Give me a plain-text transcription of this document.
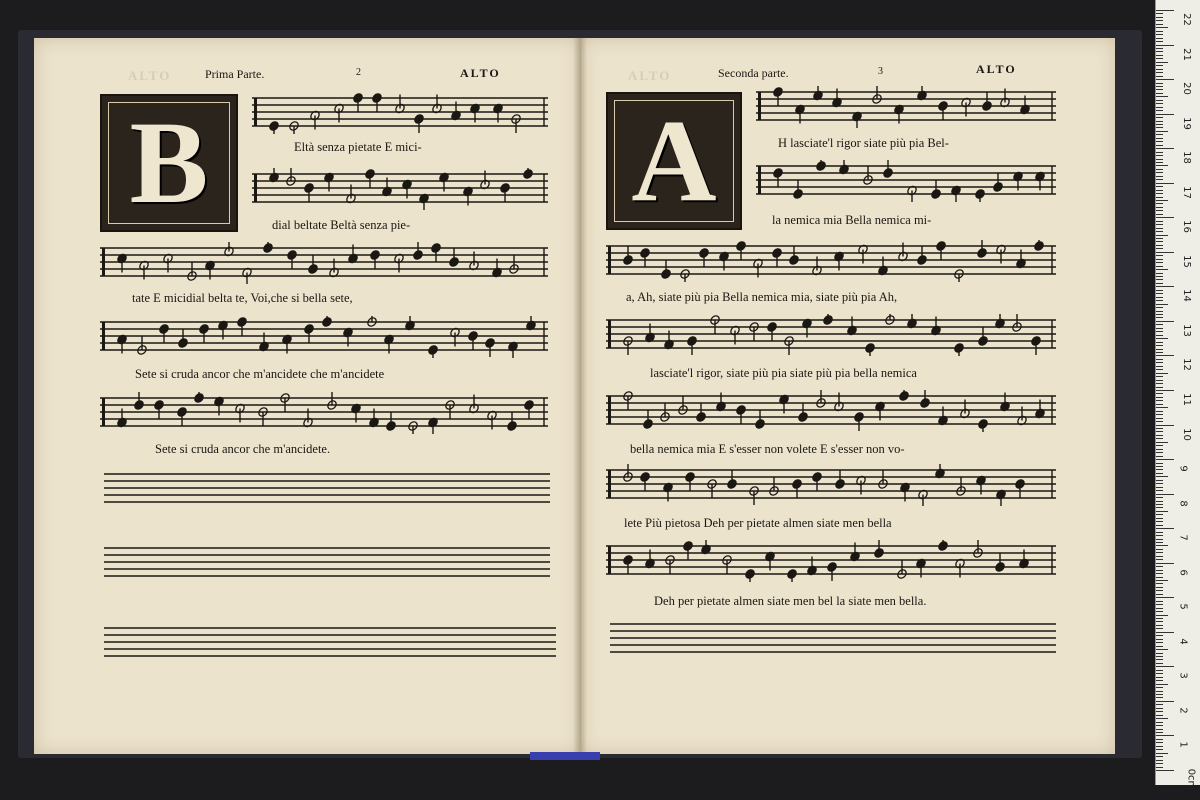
ALTO	Prima Parte.	2	ALTO
B	Eltà senza pietate E mici-
dial beltate Beltà senza pie-
tate E micidial belta te, Voi,che si bella sete,
Sete si cruda ancor che m'ancidete che m'ancidete
Sete si cruda ancor che m'ancidete.
ALTO	Seconda parte.	3	ALTO
A	H lasciate'l rigor siate più pia Bel-
la nemica mia Bella nemica mi-
a, Ah, siate più pia Bella nemica mia, siate più pia Ah,
lasciate'l rigor, siate più pia siate più pia bella nemica
bella nemica mia E s'esser non volete E s'esser non vo-
lete Più pietosa Deh per pietate almen siate men bella
Deh per pietate almen siate men bel la siate men bella.
22
21
20
19
18
17
16
15
14
13
12
11
10
9
8
7
6
5
4
3
2
1
0cm
